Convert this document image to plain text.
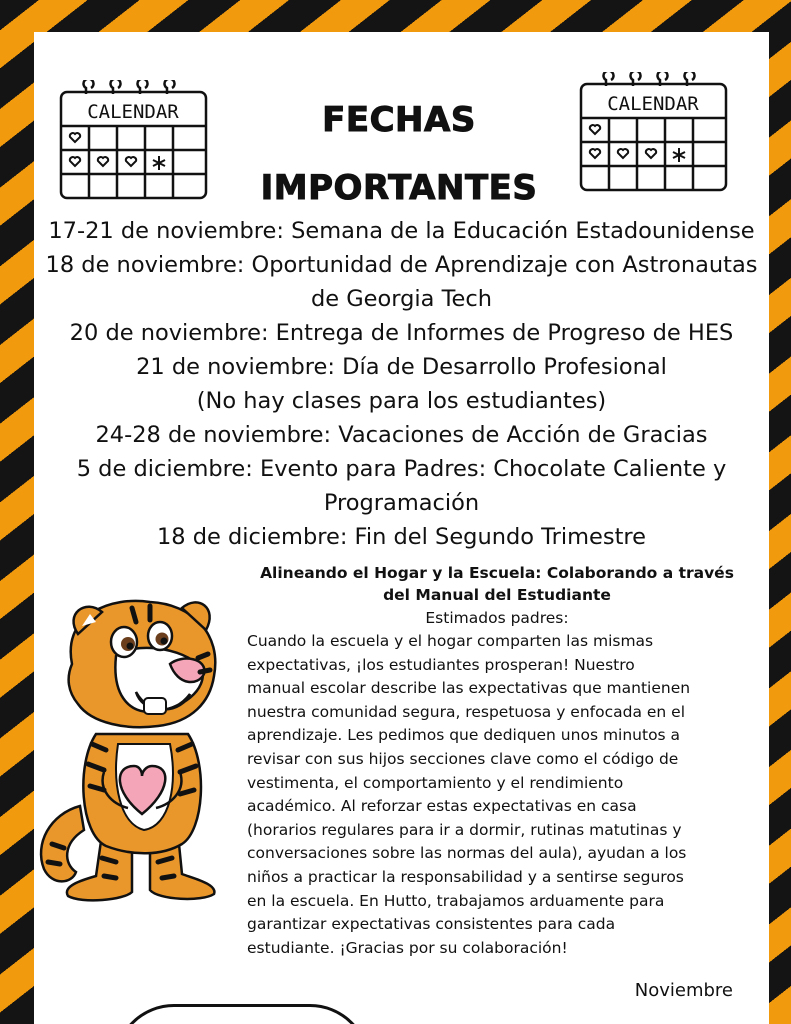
CALENDAR	CALENDAR
FECHAS
IMPORTANTES
17-21 de noviembre: Semana de la Educación Estadounidense
18 de noviembre: Oportunidad de Aprendizaje con Astronautas
de Georgia Tech
20 de noviembre: Entrega de Informes de Progreso de HES
21 de noviembre: Día de Desarrollo Profesional
(No hay clases para los estudiantes)
24-28 de noviembre: Vacaciones de Acción de Gracias
5 de diciembre: Evento para Padres: Chocolate Caliente y
Programación
18 de diciembre: Fin del Segundo Trimestre

Alineando el Hogar y la Escuela: Colaborando a través del Manual del Estudiante

Estimados padres:

Cuando la escuela y el hogar comparten las mismas
expectativas, ¡los estudiantes prosperan! Nuestro
manual escolar describe las expectativas que mantienen
nuestra comunidad segura, respetuosa y enfocada en el
aprendizaje. Les pedimos que dediquen unos minutos a
revisar con sus hijos secciones clave como el código de
vestimenta, el comportamiento y el rendimiento
académico. Al reforzar estas expectativas en casa
(horarios regulares para ir a dormir, rutinas matutinas y
conversaciones sobre las normas del aula), ayudan a los
niños a practicar la responsabilidad y a sentirse seguros
en la escuela. En Hutto, trabajamos arduamente para
garantizar expectativas consistentes para cada
estudiante. ¡Gracias por su colaboración!

Noviembre
